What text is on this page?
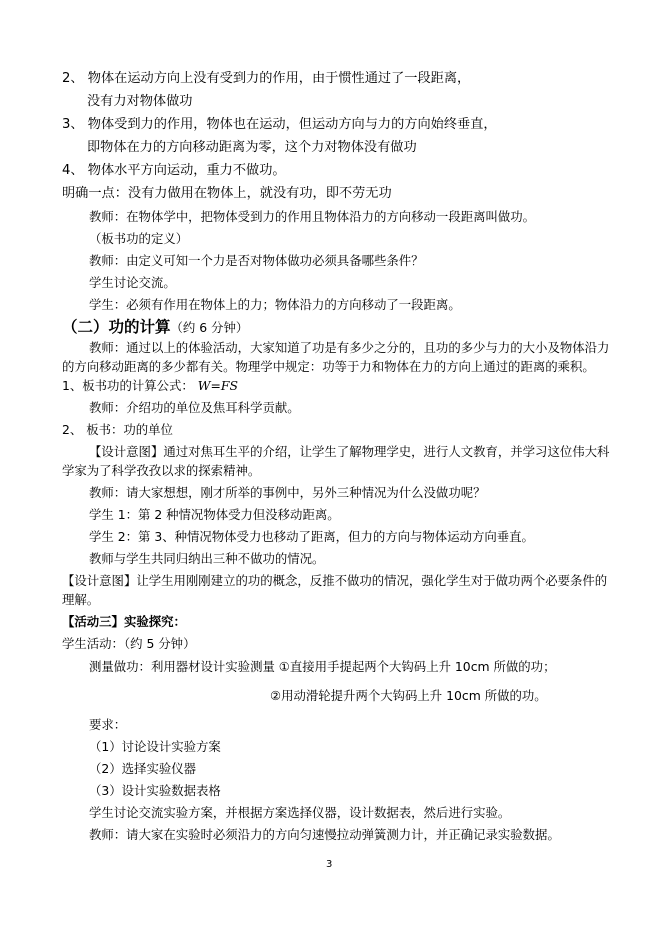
2、 物体在运动方向上没有受到力的作用，由于惯性通过了一段距离，
没有力对物体做功
3、 物体受到力的作用，物体也在运动，但运动方向与力的方向始终垂直，
即物体在力的方向移动距离为零，这个力对物体没有做功
4、 物体水平方向运动，重力不做功。
明确一点：没有力做用在物体上，就没有功，即不劳无功
教师：在物体学中，把物体受到力的作用且物体沿力的方向移动一段距离叫做功。
（板书功的定义）
教师：由定义可知一个力是否对物体做功必须具备哪些条件？
学生讨论交流。
学生：必须有作用在物体上的力；物体沿力的方向移动了一段距离。
（二）功的计算（约 6 分钟）
教师：通过以上的体验活动，大家知道了功是有多少之分的，且功的多少与力的大小及物体沿力
的方向移动距离的多少都有关。物理学中规定：功等于力和物体在力的方向上通过的距离的乘积。
1、板书功的计算公式： W=FS
教师：介绍功的单位及焦耳科学贡献。
2、 板书：功的单位
【设计意图】通过对焦耳生平的介绍，让学生了解物理学史，进行人文教育，并学习这位伟大科
学家为了科学孜孜以求的探索精神。
教师：请大家想想，刚才所举的事例中，另外三种情况为什么没做功呢？
学生 1：第 2 种情况物体受力但没移动距离。
学生 2：第 3、种情况物体受力也移动了距离，但力的方向与物体运动方向垂直。
教师与学生共同归纳出三种不做功的情况。
【设计意图】让学生用刚刚建立的功的概念，反推不做功的情况，强化学生对于做功两个必要条件的
理解。
【活动三】实验探究：
学生活动：（约 5 分钟）
测量做功：利用器材设计实验测量 ①直接用手提起两个大钩码上升 10cm 所做的功；
②用动滑轮提升两个大钩码上升 10cm 所做的功。
要求：
（1）讨论设计实验方案
（2）选择实验仪器
（3）设计实验数据表格
学生讨论交流实验方案，并根据方案选择仪器，设计数据表，然后进行实验。
教师：请大家在实验时必须沿力的方向匀速慢拉动弹簧测力计，并正确记录实验数据。
3
